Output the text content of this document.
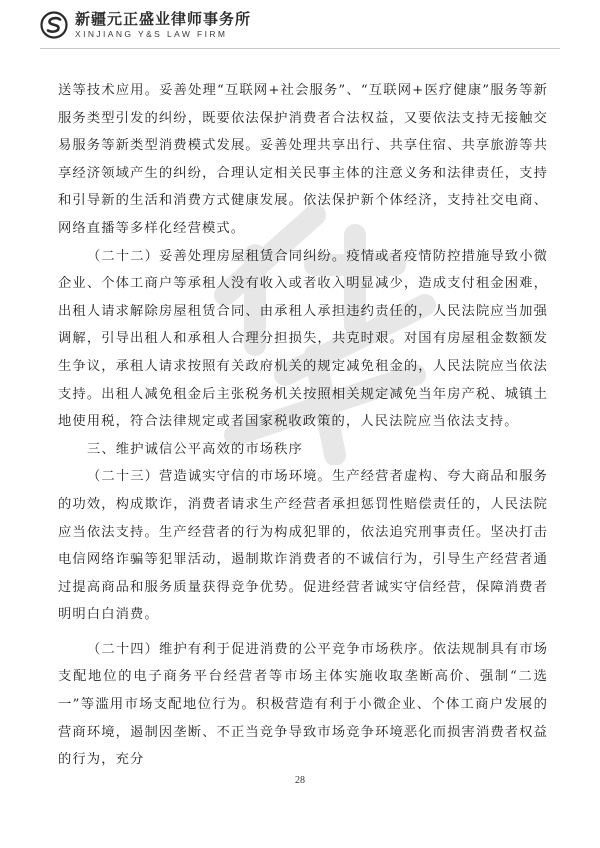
新疆元正盛业律师事务所
XINJIANG Y&S LAW FIRM

送等技术应用。妥善处理“互联网+社会服务”、“互联网+医疗健康”服务等新服务类型引发的纠纷，既要依法保护消费者合法权益，又要依法支持无接触交易服务等新类型消费模式发展。妥善处理共享出行、共享住宿、共享旅游等共享经济领域产生的纠纷，合理认定相关民事主体的注意义务和法律责任，支持和引导新的生活和消费方式健康发展。依法保护新个体经济，支持社交电商、网络直播等多样化经营模式。

（二十二）妥善处理房屋租赁合同纠纷。疫情或者疫情防控措施导致小微企业、个体工商户等承租人没有收入或者收入明显减少，造成支付租金困难，出租人请求解除房屋租赁合同、由承租人承担违约责任的，人民法院应当加强调解，引导出租人和承租人合理分担损失，共克时艰。对国有房屋租金数额发生争议，承租人请求按照有关政府机关的规定减免租金的，人民法院应当依法支持。出租人减免租金后主张税务机关按照相关规定减免当年房产税、城镇土地使用税，符合法律规定或者国家税收政策的，人民法院应当依法支持。

三、维护诚信公平高效的市场秩序

（二十三）营造诚实守信的市场环境。生产经营者虚构、夸大商品和服务的功效，构成欺诈，消费者请求生产经营者承担惩罚性赔偿责任的，人民法院应当依法支持。生产经营者的行为构成犯罪的，依法追究刑事责任。坚决打击电信网络诈骗等犯罪活动，遏制欺诈消费者的不诚信行为，引导生产经营者通过提高商品和服务质量获得竞争优势。促进经营者诚实守信经营，保障消费者明明白白消费。

（二十四）维护有利于促进消费的公平竞争市场秩序。依法规制具有市场支配地位的电子商务平台经营者等市场主体实施收取垄断高价、强制“二选一”等滥用市场支配地位行为。积极营造有利于小微企业、个体工商户发展的营商环境，遏制因垄断、不正当竞争导致市场竞争环境恶化而损害消费者权益的行为，充分

28
